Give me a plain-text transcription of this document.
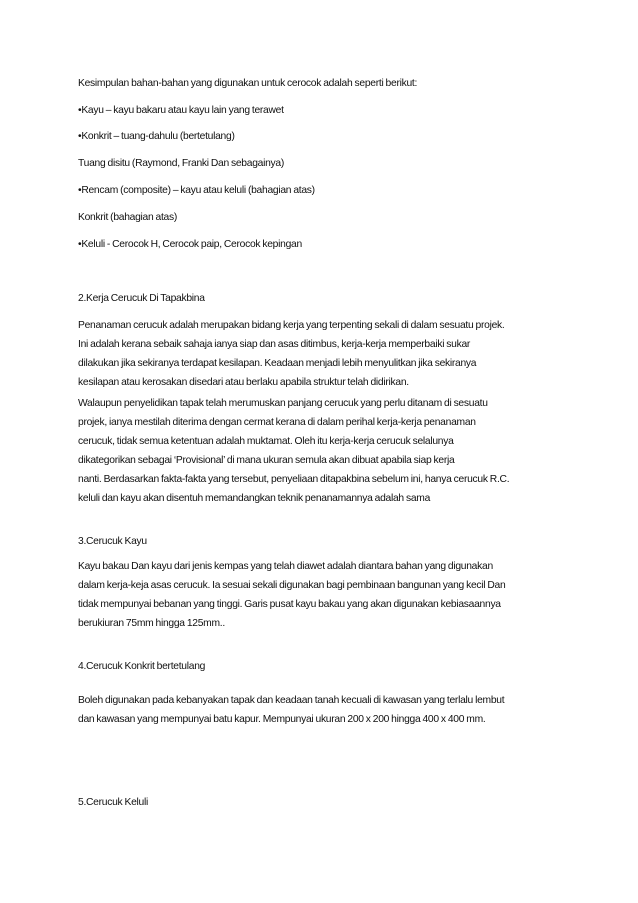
Kesimpulan bahan-bahan yang digunakan untuk cerocok adalah seperti berikut:
•Kayu – kayu bakaru atau kayu lain yang terawet
•Konkrit – tuang-dahulu (bertetulang)
Tuang disitu (Raymond, Franki Dan sebagainya)
•Rencam (composite) – kayu atau keluli (bahagian atas)
Konkrit (bahagian atas)
•Keluli - Cerocok H, Cerocok paip, Cerocok kepingan
2.Kerja Cerucuk Di Tapakbina
Penanaman cerucuk adalah merupakan bidang kerja yang terpenting sekali di dalam sesuatu projek.
Ini adalah kerana sebaik sahaja ianya siap dan asas ditimbus, kerja-kerja memperbaiki sukar
dilakukan jika sekiranya terdapat kesilapan. Keadaan menjadi lebih menyulitkan jika sekiranya
kesilapan atau kerosakan disedari atau berlaku apabila struktur telah didirikan.
Walaupun penyelidikan tapak telah merumuskan panjang cerucuk yang perlu ditanam di sesuatu
projek, ianya mestilah diterima dengan cermat kerana di dalam perihal kerja-kerja penanaman
cerucuk, tidak semua ketentuan adalah muktamat. Oleh itu kerja-kerja cerucuk selalunya
dikategorikan sebagai ‘Provisional’ di mana ukuran semula akan dibuat apabila siap kerja
nanti. Berdasarkan fakta-fakta yang tersebut, penyeliaan ditapakbina sebelum ini, hanya cerucuk R.C.
keluli dan kayu akan disentuh memandangkan teknik penanamannya adalah sama
3.Cerucuk Kayu
Kayu bakau Dan kayu dari jenis kempas yang telah diawet adalah diantara bahan yang digunakan
dalam kerja-keja asas cerucuk. Ia sesuai sekali digunakan bagi pembinaan bangunan yang kecil Dan
tidak mempunyai bebanan yang tinggi. Garis pusat kayu bakau yang akan digunakan kebiasaannya
berukiuran 75mm hingga 125mm..
4.Cerucuk Konkrit bertetulang
Boleh digunakan pada kebanyakan tapak dan keadaan tanah kecuali di kawasan yang terlalu lembut
dan kawasan yang mempunyai batu kapur. Mempunyai ukuran 200 x 200 hingga 400 x 400 mm.
5.Cerucuk Keluli
